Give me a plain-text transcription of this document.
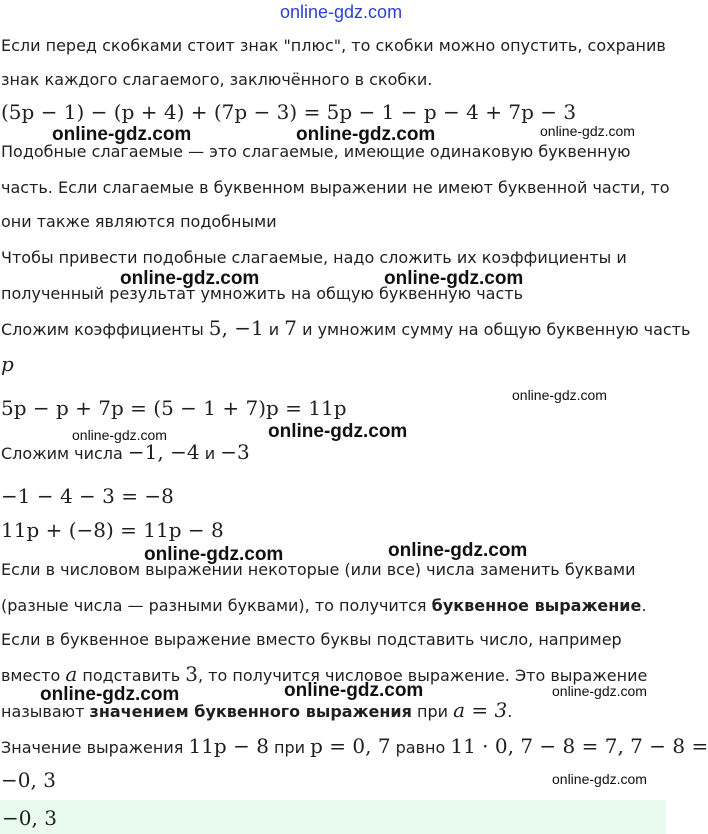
online-gdz.com
Если перед скобками стоит знак "плюс", то скобки можно опустить, сохранив
знак каждого слагаемого, заключённого в скобки.
(5p − 1) − (p + 4) + (7p − 3) = 5p − 1 − p − 4 + 7p − 3
Подобные слагаемые — это слагаемые, имеющие одинаковую буквенную
часть. Если слагаемые в буквенном выражении не имеют буквенной части, то
они также являются подобными
Чтобы привести подобные слагаемые, надо сложить их коэффициенты и
полученный результат умножить на общую буквенную часть
Сложим коэффициенты 5, −1 и 7 и умножим сумму на общую буквенную часть
p
5p − p + 7p = (5 − 1 + 7)p = 11p
Сложим числа −1, −4 и −3
−1 − 4 − 3 = −8
11p + (−8) = 11p − 8
Если в числовом выражении некоторые (или все) числа заменить буквами
(разные числа — разными буквами), то получится буквенное выражение.
Если в буквенное выражение вместо буквы подставить число, например
вместо a подставить 3, то получится числовое выражение. Это выражение
называют значением буквенного выражения при a = 3.
Значение выражения 11p − 8 при p = 0, 7 равно 11 · 0, 7 − 8 = 7, 7 − 8 =
−0, 3
−0, 3
online-gdz.com	online-gdz.com	online-gdz.com
online-gdz.com	online-gdz.com
online-gdz.com
online-gdz.com	online-gdz.com
online-gdz.com	online-gdz.com
online-gdz.com	online-gdz.com	online-gdz.com
online-gdz.com
